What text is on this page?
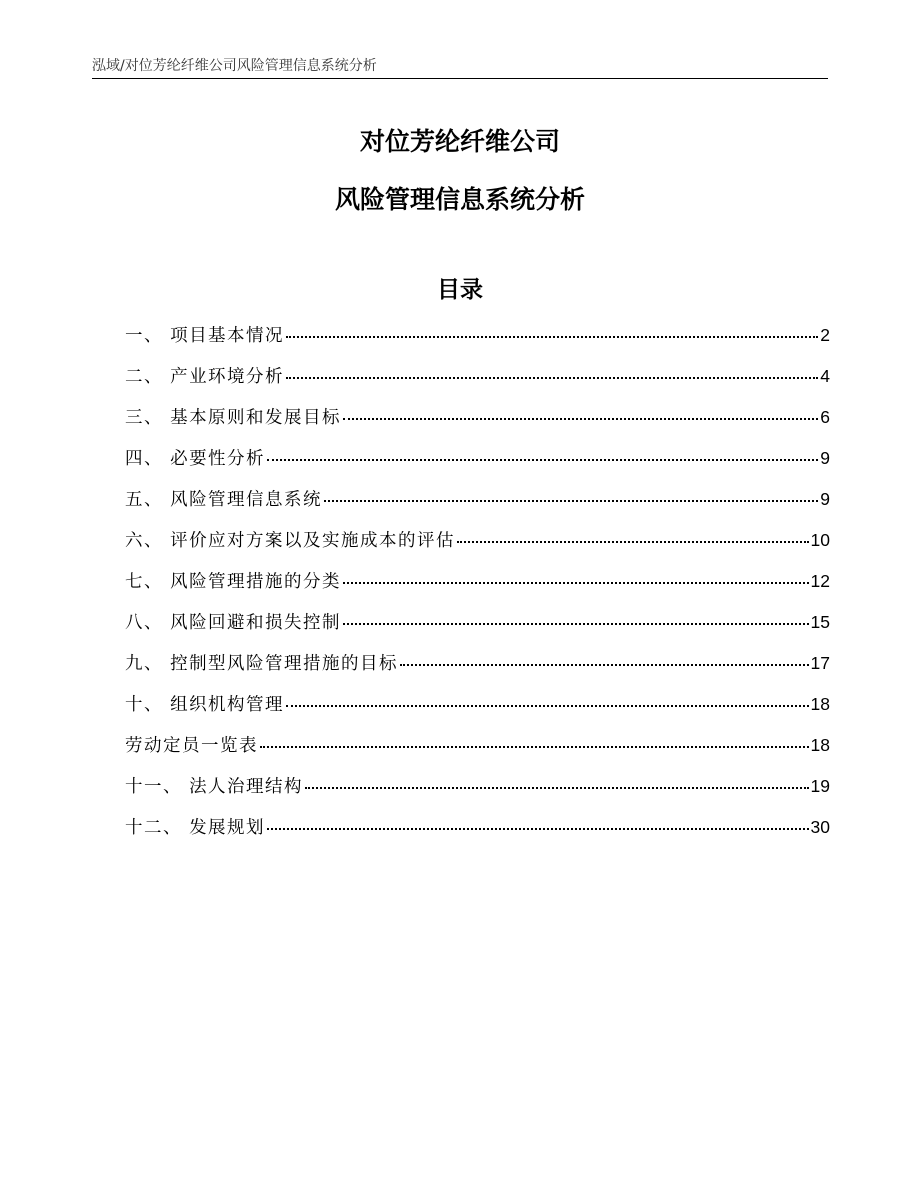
泓域/对位芳纶纤维公司风险管理信息系统分析
对位芳纶纤维公司
风险管理信息系统分析
目录
一、 项目基本情况	2
二、 产业环境分析	4
三、 基本原则和发展目标	6
四、 必要性分析	9
五、 风险管理信息系统	9
六、 评价应对方案以及实施成本的评估	10
七、 风险管理措施的分类	12
八、 风险回避和损失控制	15
九、 控制型风险管理措施的目标	17
十、 组织机构管理	18
劳动定员一览表	18
十一、 法人治理结构	19
十二、 发展规划	30
